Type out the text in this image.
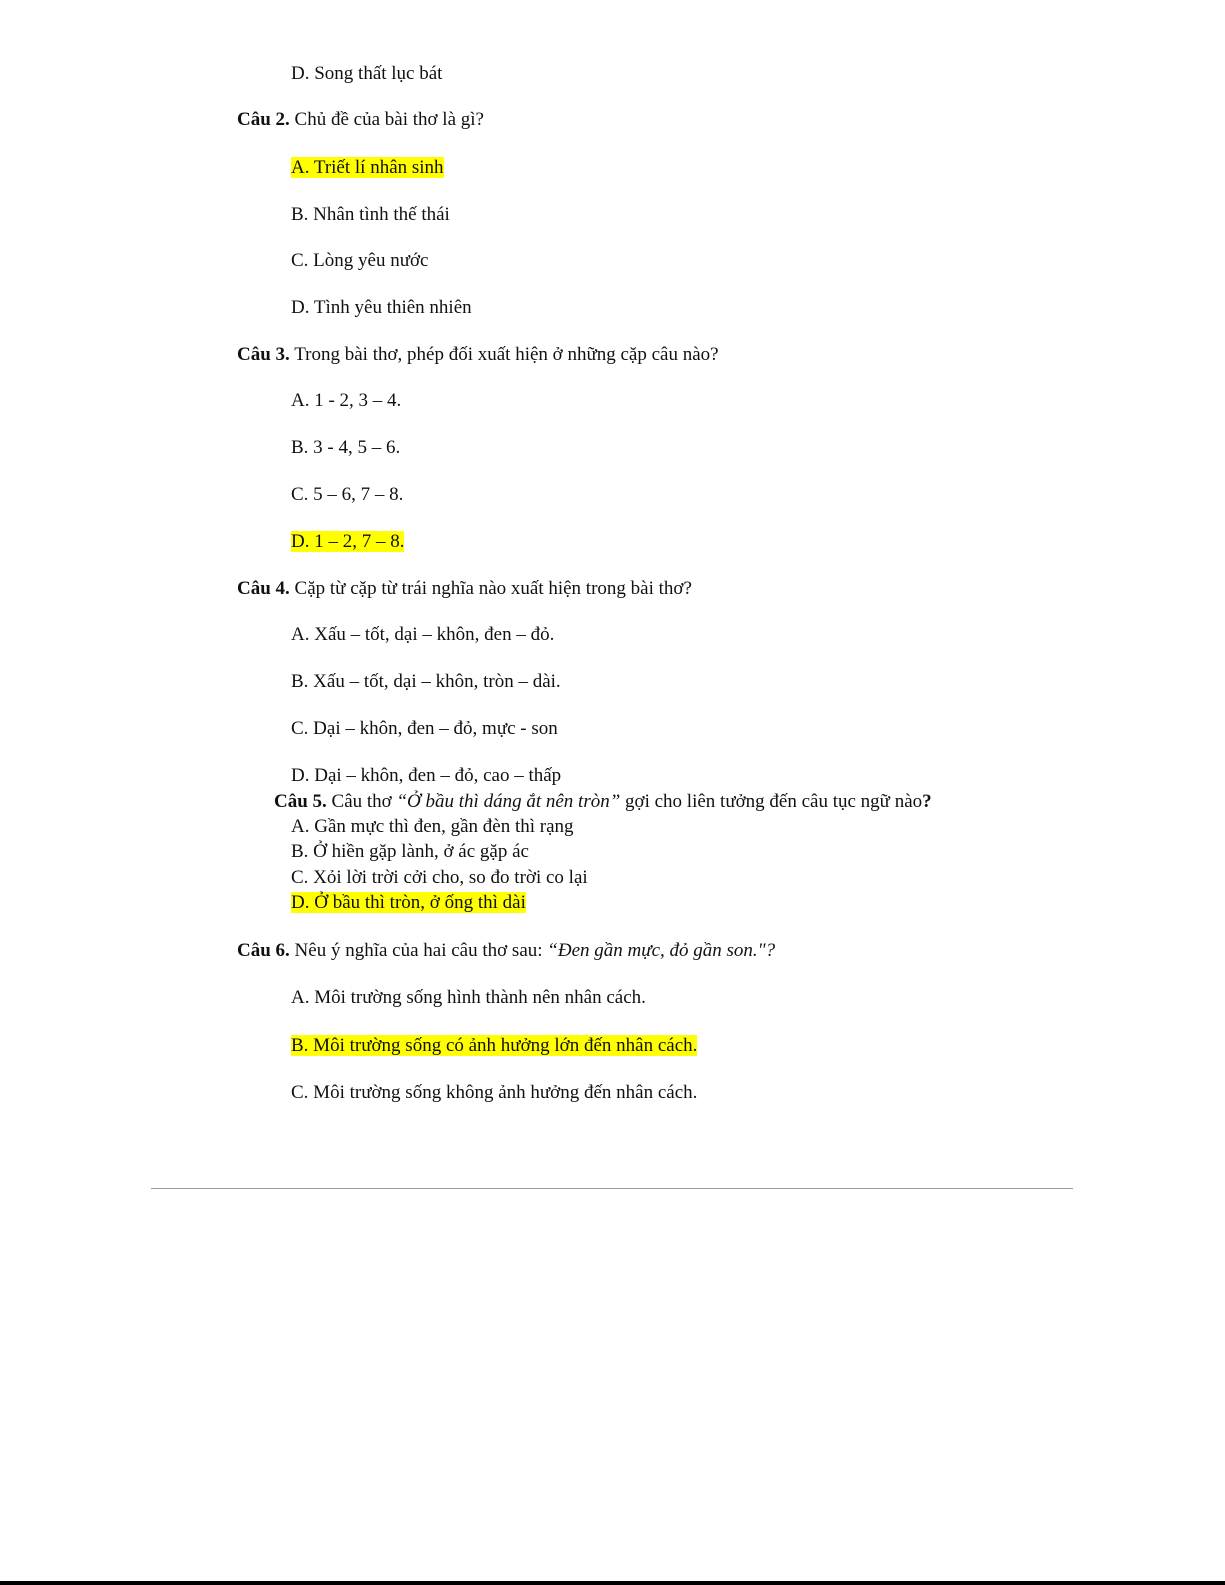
D. Song thất lục bát
Câu 2. Chủ đề của bài thơ là gì?
A. Triết lí nhân sinh
B. Nhân tình thế thái
C. Lòng yêu nước
D. Tình yêu thiên nhiên
Câu 3. Trong bài thơ, phép đối xuất hiện ở những cặp câu nào?
A. 1 - 2, 3 – 4.
B. 3 - 4, 5 – 6.
C. 5 – 6, 7 – 8.
D. 1 – 2, 7 – 8.
Câu 4. Cặp từ cặp từ trái nghĩa nào xuất hiện trong bài thơ?
A. Xấu – tốt, dại – khôn, đen – đỏ.
B. Xấu – tốt, dại – khôn, tròn – dài.
C. Dại – khôn, đen – đỏ, mực - son
D. Dại – khôn, đen – đỏ, cao – thấp
Câu 5. Câu thơ “Ở bầu thì dáng ắt nên tròn” gợi cho liên tưởng đến câu tục ngữ nào?
A. Gần mực thì đen, gần đèn thì rạng
B. Ở hiền gặp lành, ở ác gặp ác
C. Xỏi lời trời cởi cho, so đo trời co lại
D. Ở bầu thì tròn, ở ống thì dài
Câu 6. Nêu ý nghĩa của hai câu thơ sau: “Đen gần mực, đỏ gần son."?
A. Môi trường sống hình thành nên nhân cách.
B. Môi trường sống có ảnh hưởng lớn đến nhân cách.
C. Môi trường sống không ảnh hưởng đến nhân cách.
